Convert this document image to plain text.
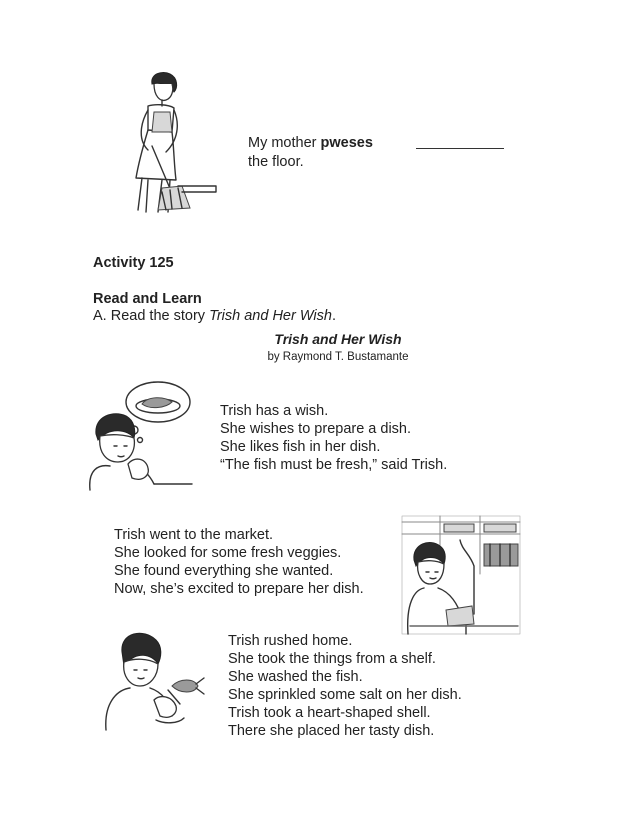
My mother pweses
the floor.
Activity 125
Read and Learn
A. Read the story Trish and Her Wish.
Trish and Her Wish
by Raymond T. Bustamante
Trish has a wish.
She wishes to prepare a dish.
She likes fish in her dish.
“The fish must be fresh,” said Trish.
Trish went to the market.
She looked for some fresh veggies.
She found everything she wanted.
Now, she’s excited to prepare her dish.
Trish rushed home.
She took the things from a shelf.
She washed the fish.
She sprinkled some salt on her dish.
Trish took a heart-shaped shell.
There she placed her tasty dish.
